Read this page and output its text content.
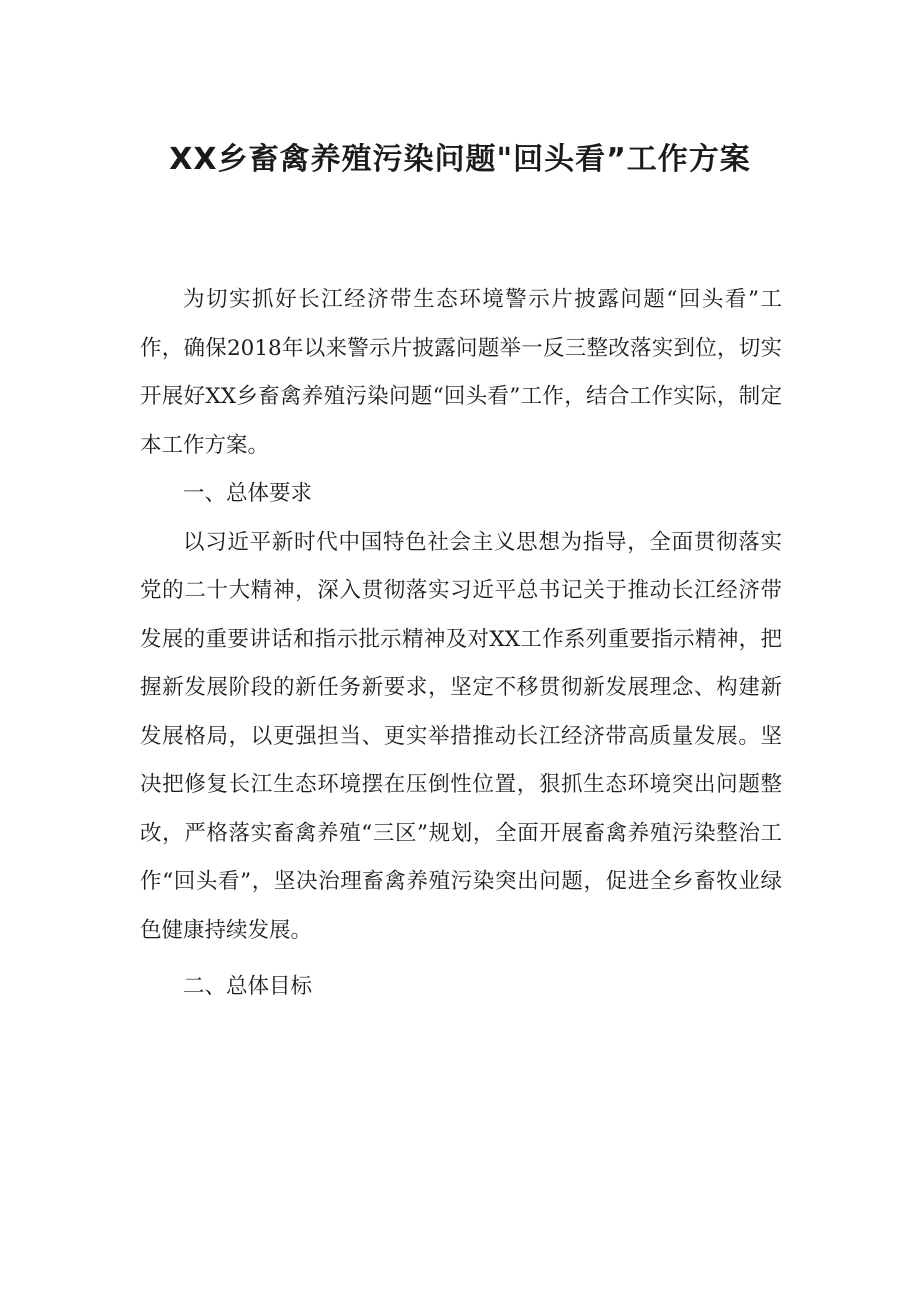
XX乡畜禽养殖污染问题"回头看”工作方案

为切实抓好长江经济带生态环境警示片披露问题“回头看”工作，确保2018年以来警示片披露问题举一反三整改落实到位，切实开展好XX乡畜禽养殖污染问题“回头看”工作，结合工作实际，制定本工作方案。

一、总体要求

以习近平新时代中国特色社会主义思想为指导，全面贯彻落实党的二十大精神，深入贯彻落实习近平总书记关于推动长江经济带发展的重要讲话和指示批示精神及对XX工作系列重要指示精神，把握新发展阶段的新任务新要求，坚定不移贯彻新发展理念、构建新发展格局，以更强担当、更实举措推动长江经济带高质量发展。坚决把修复长江生态环境摆在压倒性位置，狠抓生态环境突出问题整改，严格落实畜禽养殖“三区”规划，全面开展畜禽养殖污染整治工作“回头看”，坚决治理畜禽养殖污染突出问题，促进全乡畜牧业绿色健康持续发展。

二、总体目标
